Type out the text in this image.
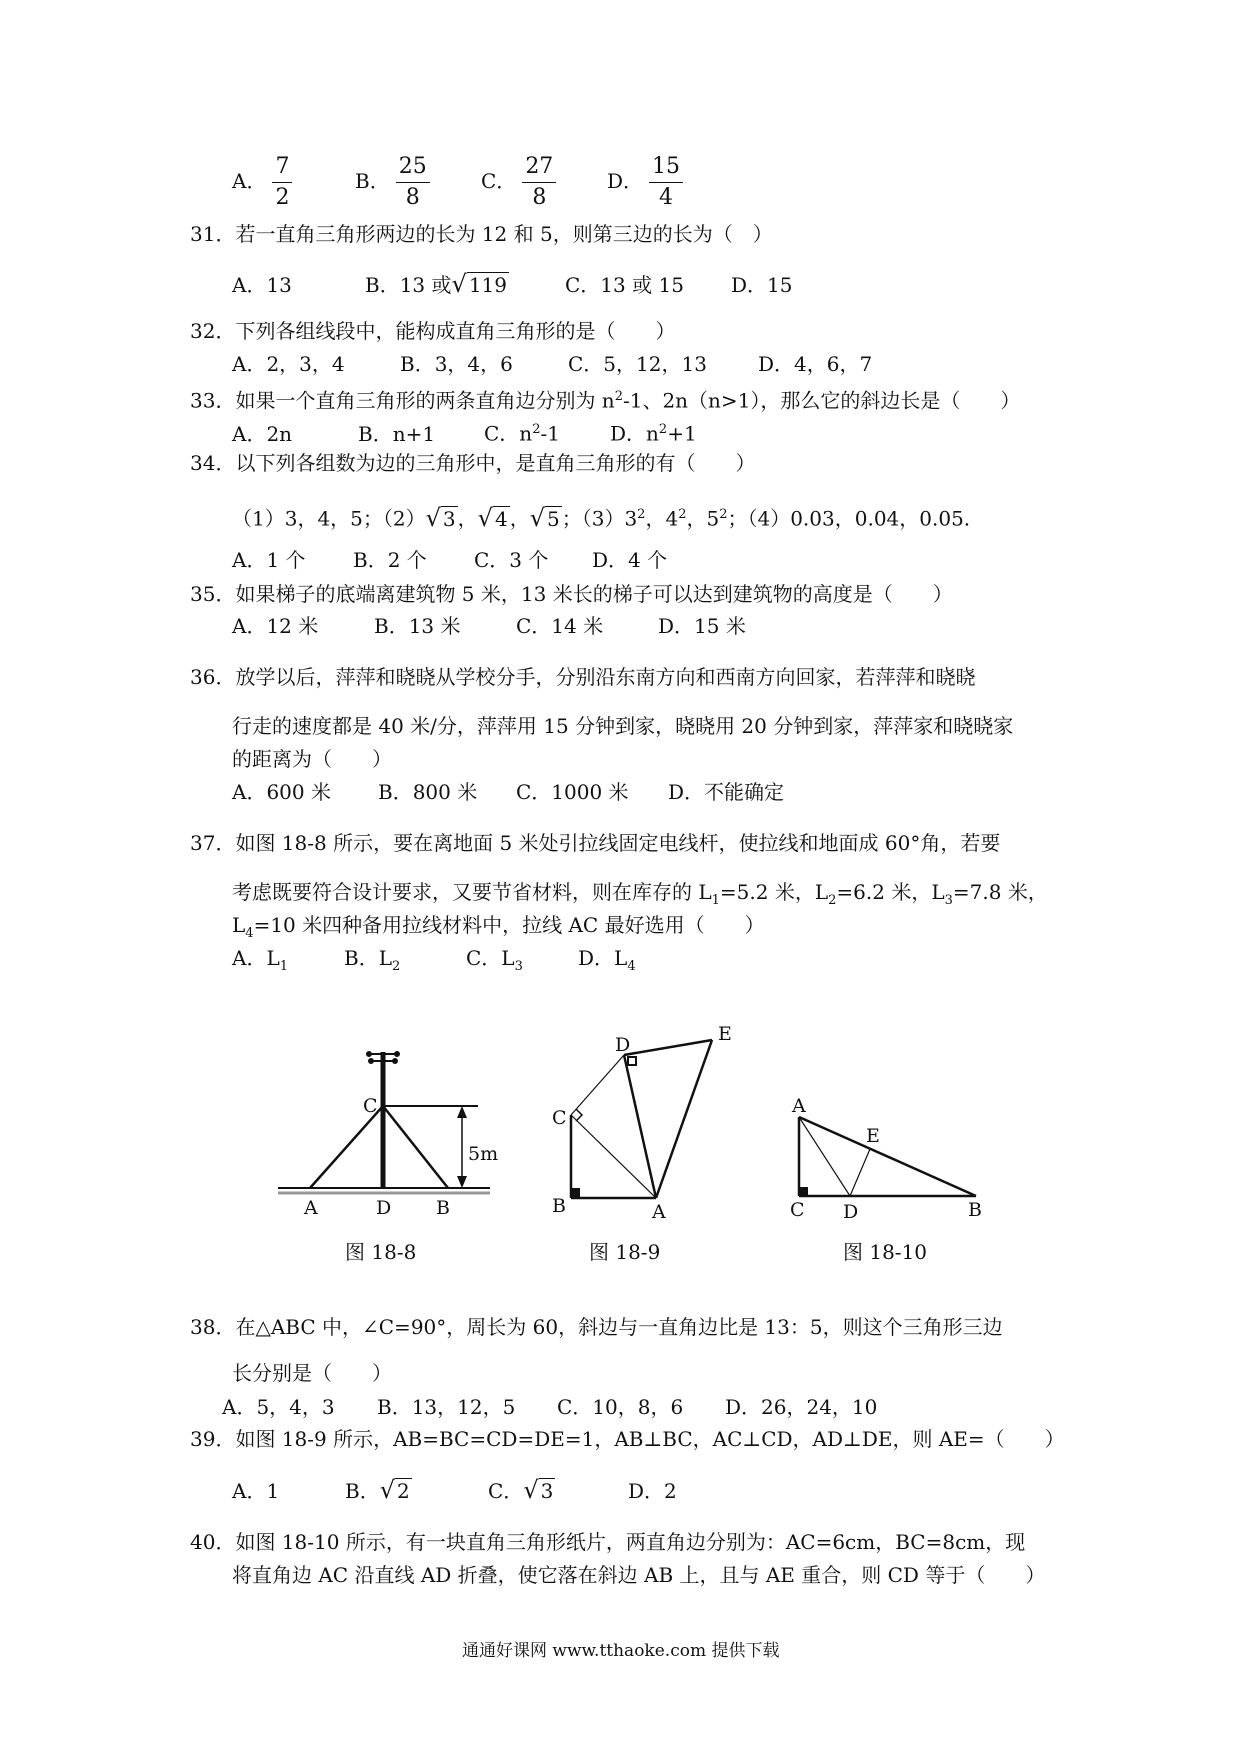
A． $\frac{7}{2}$	B． $\frac{25}{8}$	C． $\frac{27}{8}$	D． $\frac{15}{4}$
31．若一直角三角形两边的长为 12 和 5，则第三边的长为（　）
A．13	B．13 或√ 119	C．13 或 15 D．15
32．下列各组线段中，能构成直角三角形的是（　　）
A．2，3，4	B．3，4，6	C．5，12，13	D．4，6，7
33．如果一个直角三角形的两条直角边分别为 $n^2-1$、2n（n>1），那么它的斜边长是（　　）
A．2n	B．n+1 C．$n^2-1$	D．$n^2+1$
34．以下列各组数为边的三角形中，是直角三角形的有（　　）
（1）3，4，5；（2）√ 3 ，√ 4 ，√ 5 ；$(3)3^2$，$4^2$，$5^2$；（4）0.03，0.04，0.05.
A．1 个 B．2 个 C．3 个 D．4 个
35．如果梯子的底端离建筑物 5 米，13 米长的梯子可以达到建筑物的高度是（　　）
A．12 米	B．13 米	C．14 米	D．15 米
36．放学以后，萍萍和晓晓从学校分手，分别沿东南方向和西南方向回家，若萍萍和晓晓
行走的速度都是 40 米/分，萍萍用 15 分钟到家，晓晓用 20 分钟到家，萍萍家和晓晓家
的距离为（　　）
A．600 米 B．800 米 C．1000 米 D．不能确定
37．如图 18-8 所示，要在离地面 5 米处引拉线固定电线杆，使拉线和地面成 60°角，若要
考虑既要符合设计要求，又要节省材料，则在库存的 $L_1=5.2$ 米，$L_2=6.2$ 米，$L_3=7.8$ 米，
$L_4=10$ 米四种备用拉线材料中，拉线 AC 最好选用（　　）
A．$L_1$	B．$L_2$	C．$L_3$	D．$L_4$
C
A	D B
5m
D	E
C
B	A
A
E
C D	B
图 18-8	图 18-9	图 18-10
38．在△ABC 中，∠C=90°，周长为 60，斜边与一直角边比是 13：5，则这个三角形三边
长分别是（　　）
A．5，4，3 B．13，12，5 C．10，8，6 D．26，24，10
39．如图 18-9 所示，AB=BC=CD=DE=1，AB⊥BC，AC⊥CD，AD⊥DE，则 AE=（　　）
A．1	B．√ 2	C．√ 3	D．2
40．如图 18-10 所示，有一块直角三角形纸片，两直角边分别为：AC=6cm，BC=8cm，现
将直角边 AC 沿直线 AD 折叠，使它落在斜边 AB 上，且与 AE 重合，则 CD 等于（　　）
通通好课网 www.tthaoke.com 提供下载
